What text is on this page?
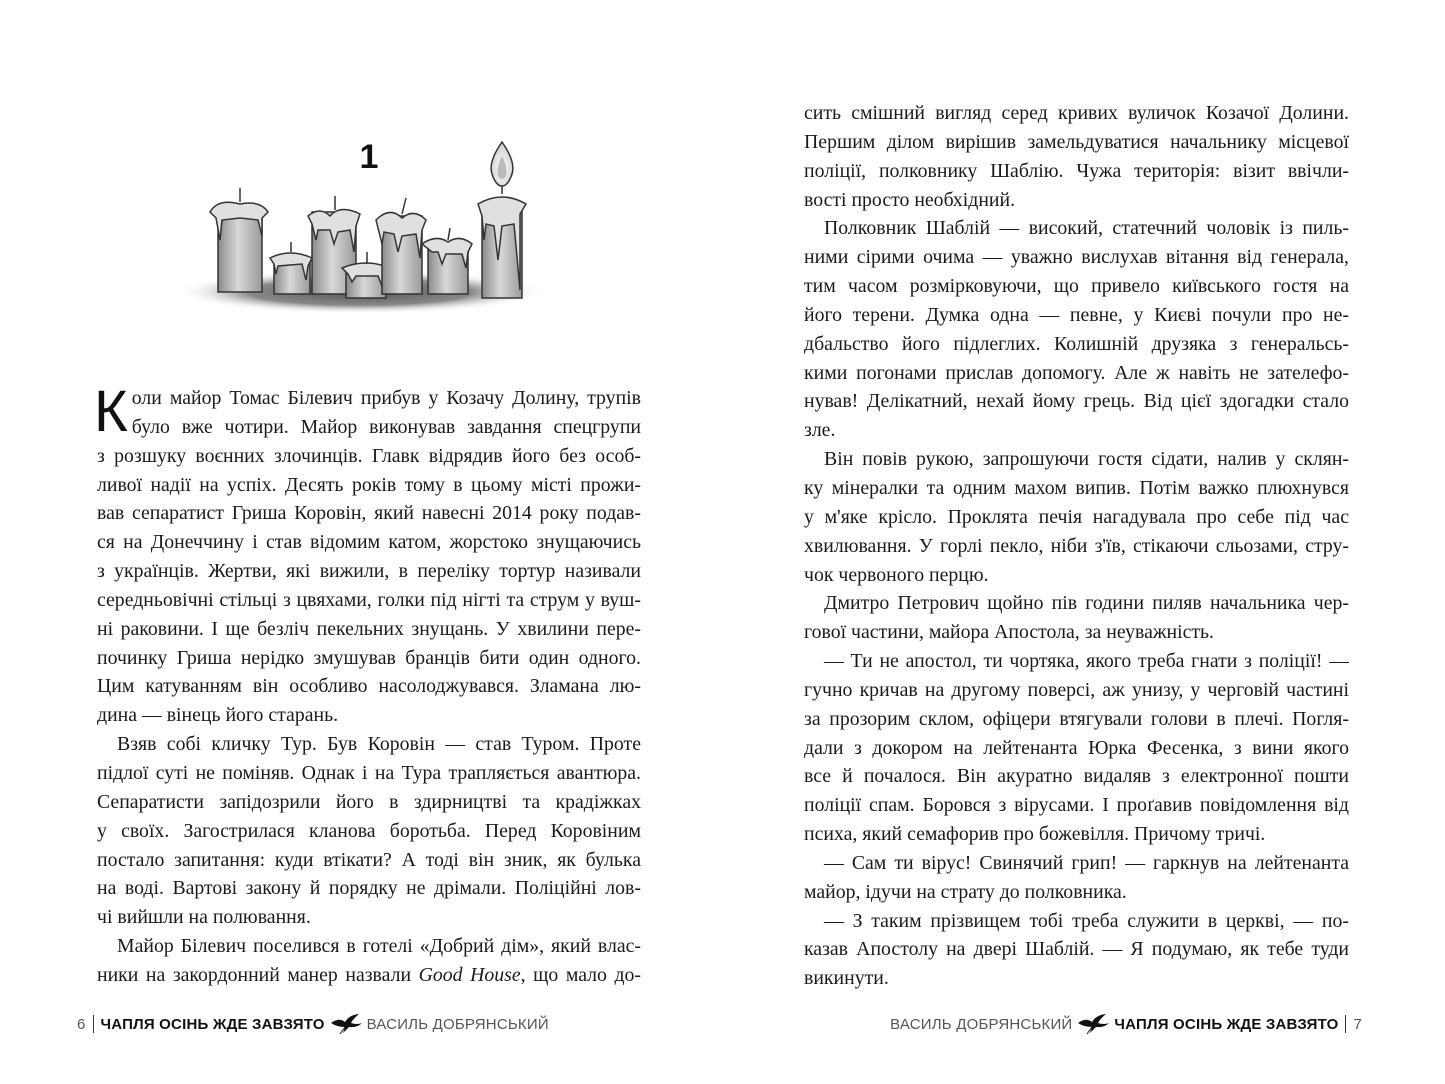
1
К оли майор Томас Білевич прибув у Козачу Долину, трупів
було вже чотири. Майор виконував завдання спецгрупи
з розшуку воєнних злочинців. Главк відрядив його без особ-
ливої надії на успіх. Десять років тому в цьому місті прожи-
вав сепаратист Гриша Коровін, який навесні 2014 року подав-
ся на Донеччину і став відомим катом, жорстоко знущаючись
з українців. Жертви, які вижили, в переліку тортур називали
середньовічні стільці з цвяхами, голки під нігті та струм у вуш-
ні раковини. І ще безліч пекельних знущань. У хвилини пере-
починку Гриша нерідко змушував бранців бити один одного.
Цим катуванням він особливо насолоджувався. Зламана лю-
дина — вінець його старань.
Взяв собі кличку Тур. Був Коровін — став Туром. Проте
підлої суті не поміняв. Однак і на Тура трапляється авантюра.
Сепаратисти запідозрили його в здирництві та крадіжках
у своїх. Загострилася кланова боротьба. Перед Коровіним
постало запитання: куди втікати? А тоді він зник, як булька
на воді. Вартові закону й порядку не дрімали. Поліційні лов-
чі вийшли на полювання.
Майор Білевич поселився в готелі «Добрий дім», який влас-
ники на закордонний манер назвали Good House, що мало до-
6 ЧАПЛЯ ОСІНЬ ЖДЕ ЗАВЗЯТО	ВАСИЛЬ ДОБРЯНСЬКИЙ
сить смішний вигляд серед кривих вуличок Козачої Долини.
Першим ділом вирішив замельдуватися начальнику місцевої
поліції, полковнику Шаблію. Чужа територія: візит ввічли-
вості просто необхідний.
Полковник Шаблій — високий, статечний чоловік із пиль-
ними сірими очима — уважно вислухав вітання від генерала,
тим часом розмірковуючи, що привело київського гостя на
його терени. Думка одна — певне, у Києві почули про не-
дбальство його підлеглих. Колишній друзяка з генеральсь-
кими погонами прислав допомогу. Але ж навіть не зателефо-
нував! Делікатний, нехай йому грець. Від цієї здогадки стало
зле.
Він повів рукою, запрошуючи гостя сідати, налив у склян-
ку мінералки та одним махом випив. Потім важко плюхнувся
у м'яке крісло. Проклята печія нагадувала про себе під час
хвилювання. У горлі пекло, ніби з'їв, стікаючи сльозами, стру-
чок червоного перцю.
Дмитро Петрович щойно пів години пиляв начальника чер-
гової частини, майора Апостола, за неуважність.
— Ти не апостол, ти чортяка, якого треба гнати з поліції! —
гучно кричав на другому поверсі, аж унизу, у черговій частині
за прозорим склом, офіцери втягували голови в плечі. Погля-
дали з докором на лейтенанта Юрка Фесенка, з вини якого
все й почалося. Він акуратно видаляв з електронної пошти
поліції спам. Боровся з вірусами. І проґавив повідомлення від
психа, який семафорив про божевілля. Причому тричі.
— Сам ти вірус! Свинячий грип! — гаркнув на лейтенанта
майор, ідучи на страту до полковника.
— З таким прізвищем тобі треба служити в церкві, — по-
казав Апостолу на двері Шаблій. — Я подумаю, як тебе туди
викинути.
ВАСИЛЬ ДОБРЯНСЬКИЙ	ЧАПЛЯ ОСІНЬ ЖДЕ ЗАВЗЯТО 7
